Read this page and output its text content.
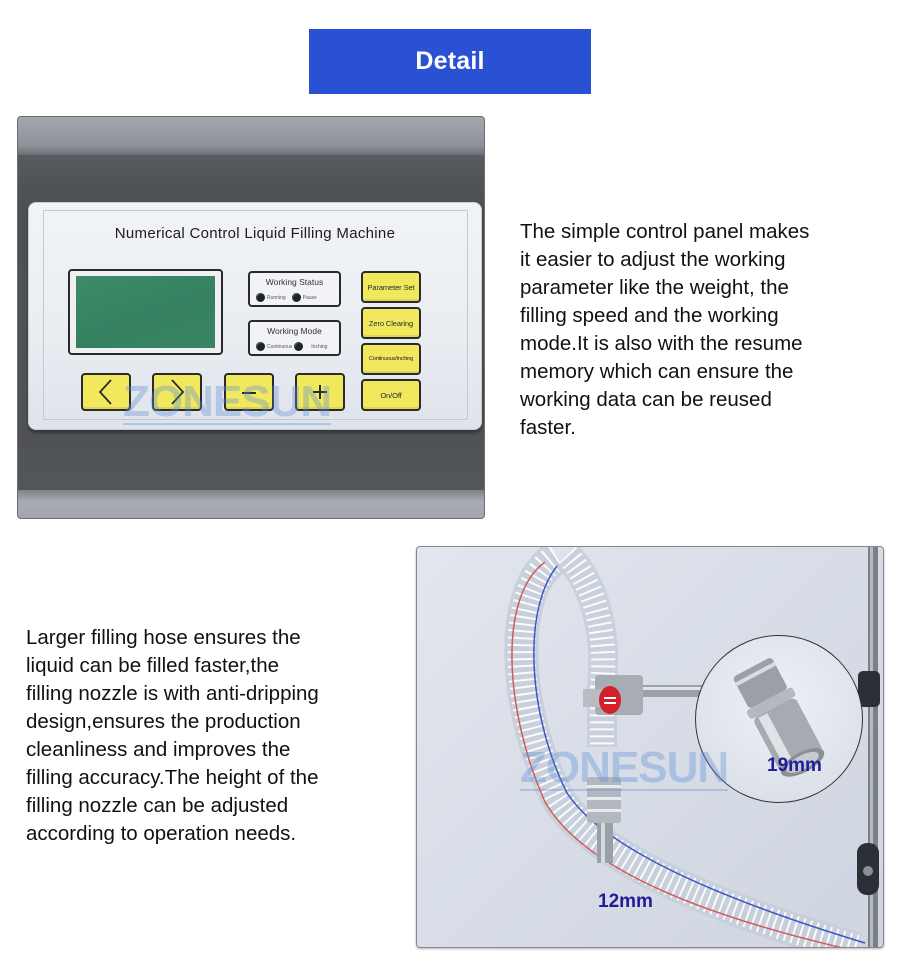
Detail
Numerical Control Liquid Filling Machine
Working Status
Running	Pause
Working Mode
Continuous	Inching
Parameter Set
Zero Clearing
Continuous/Inching
On/Off
ZONESUN
The simple control panel makes
it easier to adjust the working
parameter like the weight, the
filling speed and the working
mode.It is also with the resume
memory which can ensure the
working data can be reused
faster.
Larger filling hose ensures the
liquid can be filled faster,the
filling nozzle is with anti-dripping
design,ensures the production
cleanliness and improves the
filling accuracy.The height of the
filling nozzle can be adjusted
according to operation needs.
ZONESUN 19mm
12mm
